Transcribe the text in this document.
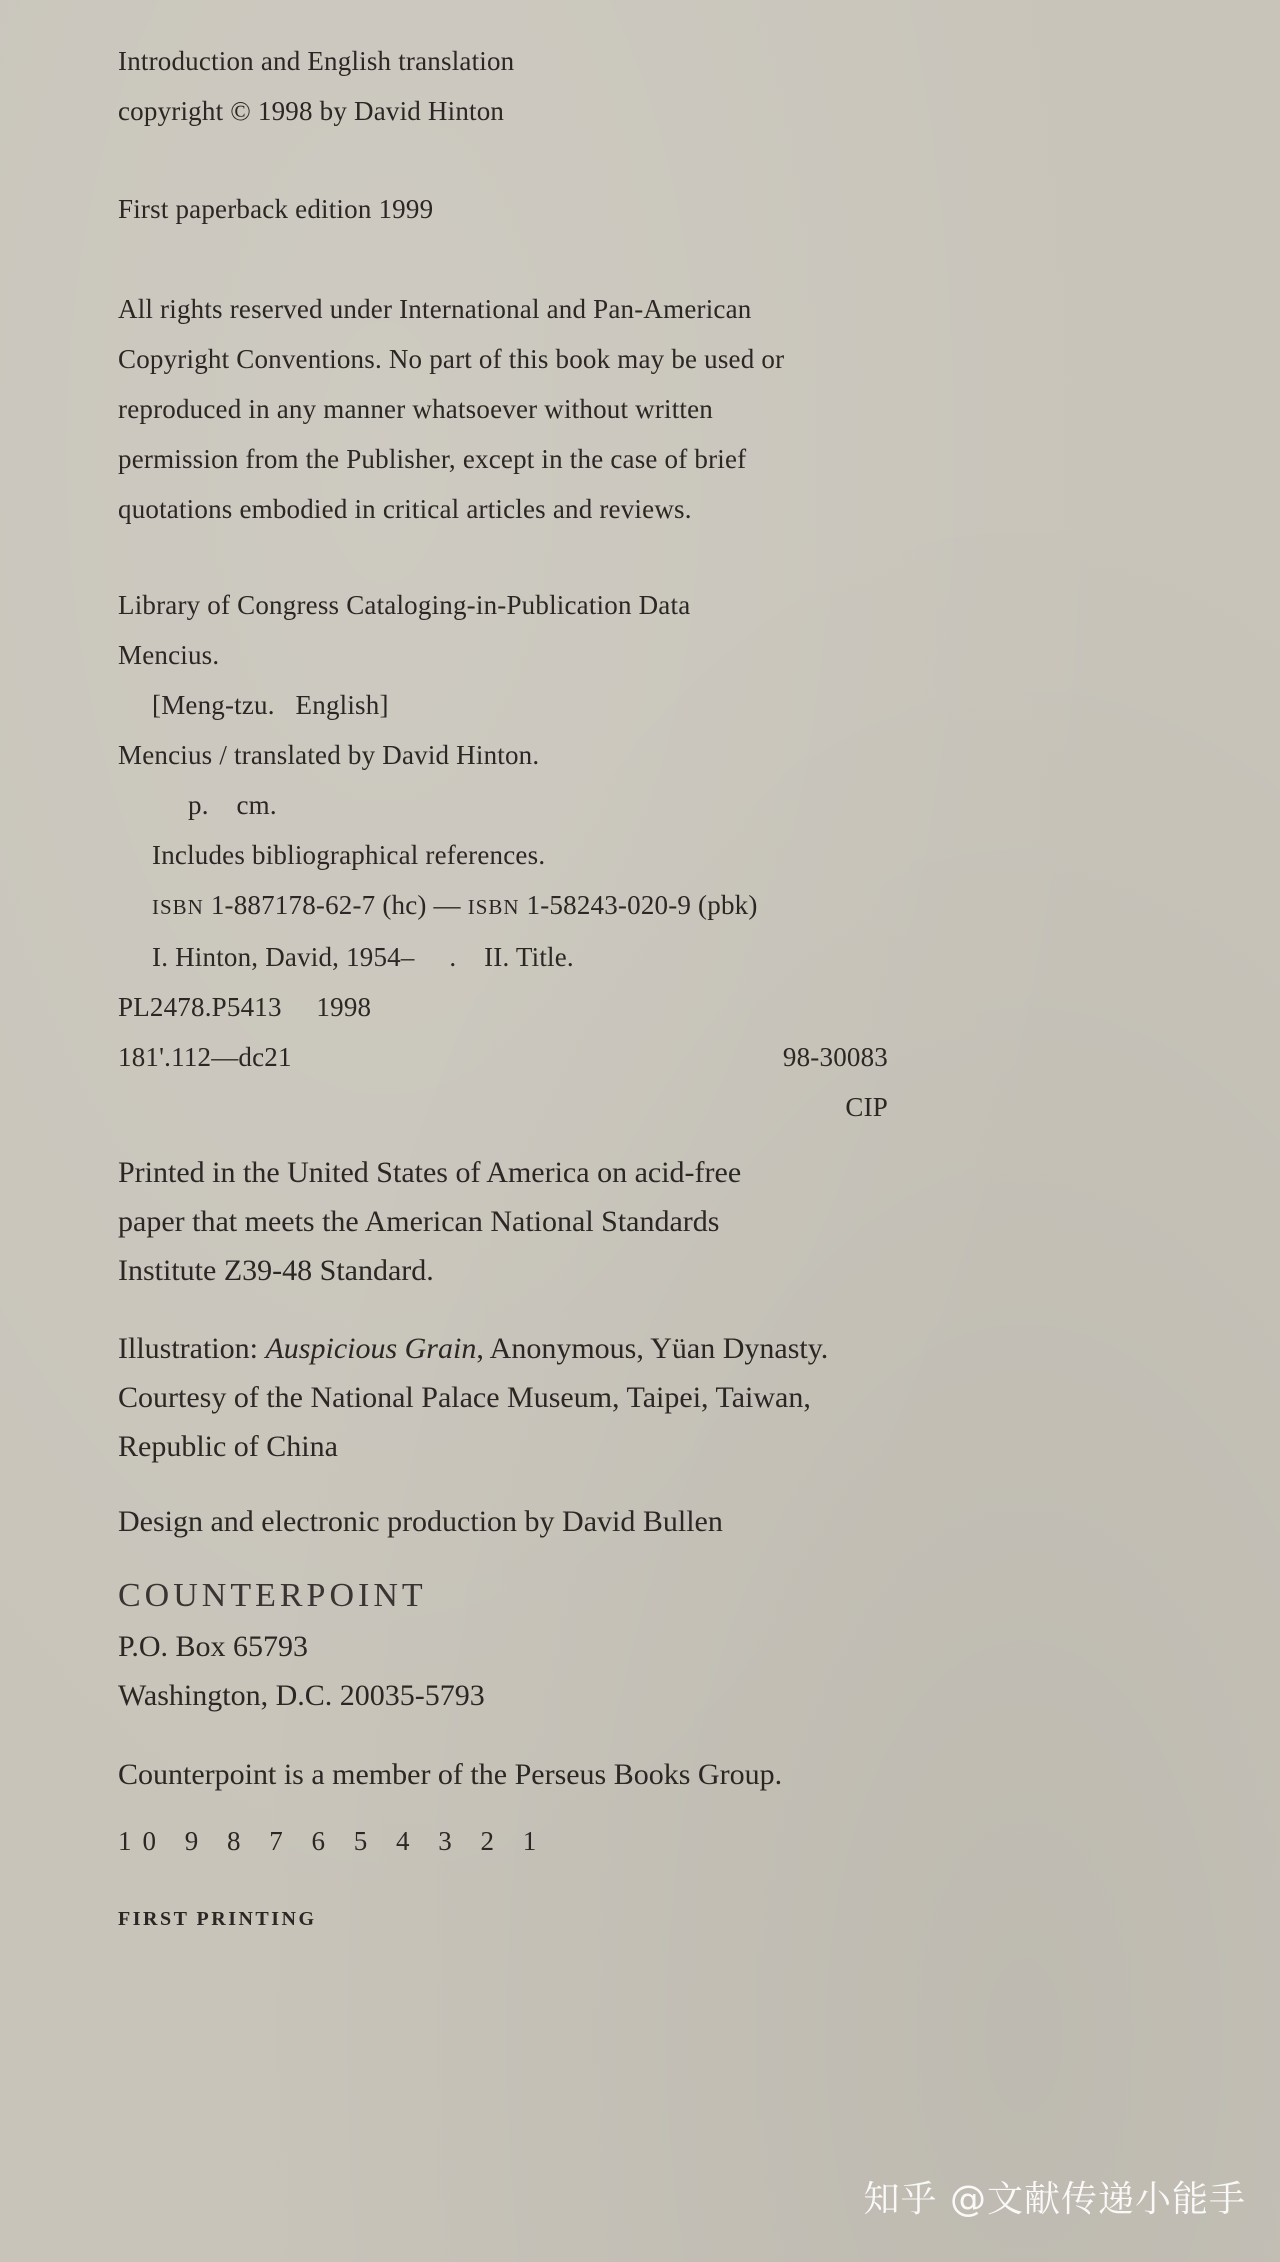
Introduction and English translation
copyright © 1998 by David Hinton
First paperback edition 1999
All rights reserved under International and Pan-American
Copyright Conventions. No part of this book may be used or
reproduced in any manner whatsoever without written
permission from the Publisher, except in the case of brief
quotations embodied in critical articles and reviews.
Library of Congress Cataloging-in-Publication Data
Mencius.
[Meng-tzu.   English]
Mencius / translated by David Hinton.
p.    cm.
Includes bibliographical references.
ISBN 1-887178-62-7 (hc) — ISBN 1-58243-020-9 (pbk)
I. Hinton, David, 1954–     .    II. Title.
PL2478.P5413     1998
181'.112—dc21	98-30083

CIP
Printed in the United States of America on acid-free
paper that meets the American National Standards
Institute Z39-48 Standard.
Illustration: Auspicious Grain, Anonymous, Yüan Dynasty.
Courtesy of the National Palace Museum, Taipei, Taiwan,
Republic of China
Design and electronic production by David Bullen
COUNTERPOINT
P.O. Box 65793
Washington, D.C. 20035-5793
Counterpoint is a member of the Perseus Books Group.
10 9 8 7 6 5 4 3 2 1
FIRST PRINTING
知乎 @文献传递小能手
